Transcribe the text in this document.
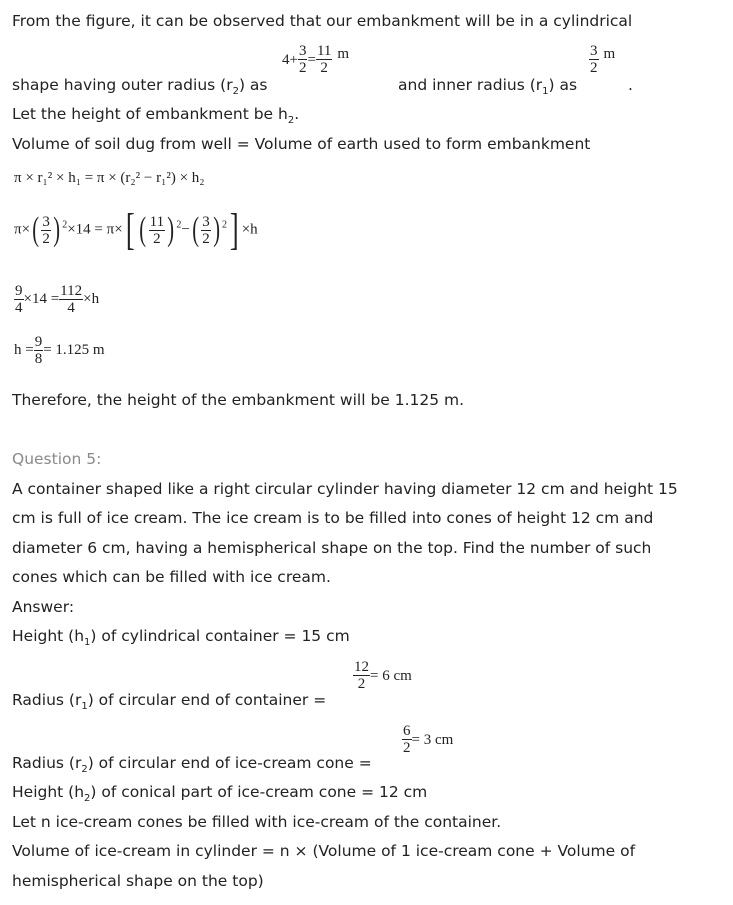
From the figure, it can be observed that our embankment will be in a cylindrical
$4+ \frac{3}{2} = \frac{11}{2}$ m	$\frac{3}{2}$ m
shape having outer radius $(r_2)$ as	and inner radius $(r_1)$ as	.
Let the height of embankment be $h_2$.
Volume of soil dug from well = Volume of earth used to form embankment
π × r₁² × h₁ = π × (r₂² − r₁²) × h₂
$\pi\times( \frac{3}{2}$ ) $^2$×14 = π×[ ( $\frac{11}{2}$ ) $^2-( \frac{3}{2}$ ) $^2$] ×h
$\frac{9}{4} \times 14 = \frac{112}{4} \times h$
$h = \frac{9}{8} = 1.125$ m
Therefore, the height of the embankment will be 1.125 m.
Question 5:
A container shaped like a right circular cylinder having diameter 12 cm and height 15
cm is full of ice cream. The ice cream is to be filled into cones of height 12 cm and
diameter 6 cm, having a hemispherical shape on the top. Find the number of such
cones which can be filled with ice cream.
Answer:
Height $(h_1)$ of cylindrical container = 15 cm
$\frac{12}{2} = 6$ cm
Radius $(r_1)$ of circular end of container =
$\frac{6}{2} = 3$ cm
Radius $(r_2)$ of circular end of ice-cream cone =
Height $(h_2)$ of conical part of ice-cream cone = 12 cm
Let n ice-cream cones be filled with ice-cream of the container.
Volume of ice-cream in cylinder = n × (Volume of 1 ice-cream cone + Volume of
hemispherical shape on the top)
